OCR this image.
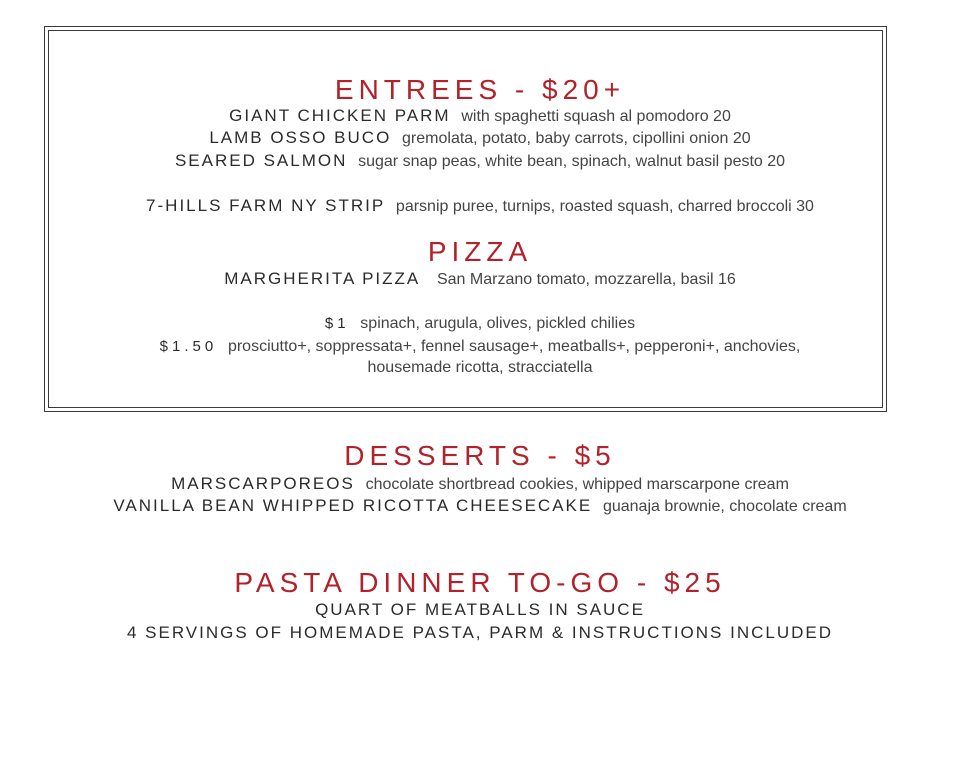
ENTREES - $20+
GIANT CHICKEN PARM with spaghetti squash al pomodoro 20
LAMB OSSO BUCO gremolata, potato, baby carrots, cipollini onion 20
SEARED SALMON sugar snap peas, white bean, spinach, walnut basil pesto 20
7-HILLS FARM NY STRIP parsnip puree, turnips, roasted squash, charred broccoli 30
PIZZA
MARGHERITA PIZZA San Marzano tomato, mozzarella, basil 16
$1 spinach, arugula, olives, pickled chilies
$1.50 prosciutto+, soppressata+, fennel sausage+, meatballs+, pepperoni+, anchovies,
housemade ricotta, stracciatella
DESSERTS - $5
MARSCARPOREOS chocolate shortbread cookies, whipped marscarpone cream
VANILLA BEAN WHIPPED RICOTTA CHEESECAKE guanaja brownie, chocolate cream
PASTA DINNER TO-GO - $25
QUART OF MEATBALLS IN SAUCE
4 SERVINGS OF HOMEMADE PASTA, PARM & INSTRUCTIONS INCLUDED
